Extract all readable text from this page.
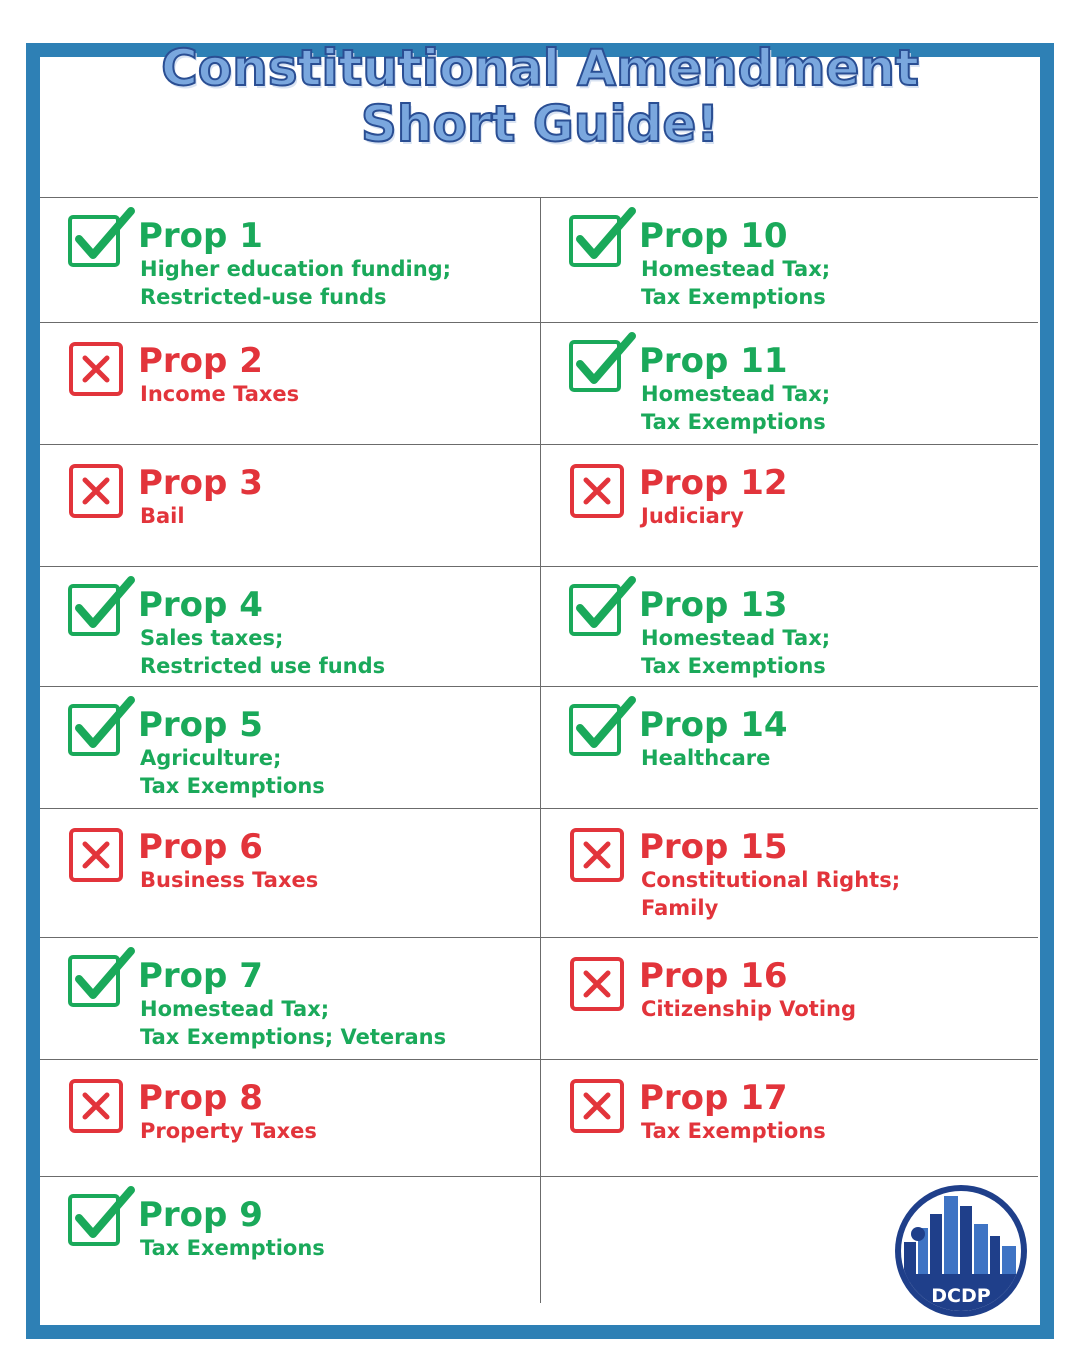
Constitutional Amendment
Short Guide!
Prop 1
Higher education funding;
Restricted-use funds
Prop 2
Income Taxes
Prop 3
Bail
Prop 4
Sales taxes;
Restricted use funds
Prop 5
Agriculture;
Tax Exemptions
Prop 6
Business Taxes
Prop 7
Homestead Tax;
Tax Exemptions; Veterans
Prop 8
Property Taxes
Prop 9
Tax Exemptions
Prop 10
Homestead Tax;
Tax Exemptions
Prop 11
Homestead Tax;
Tax Exemptions
Prop 12
Judiciary
Prop 13
Homestead Tax;
Tax Exemptions
Prop 14
Healthcare
Prop 15
Constitutional Rights;
Family
Prop 16
Citizenship Voting
Prop 17
Tax Exemptions
DCDP
